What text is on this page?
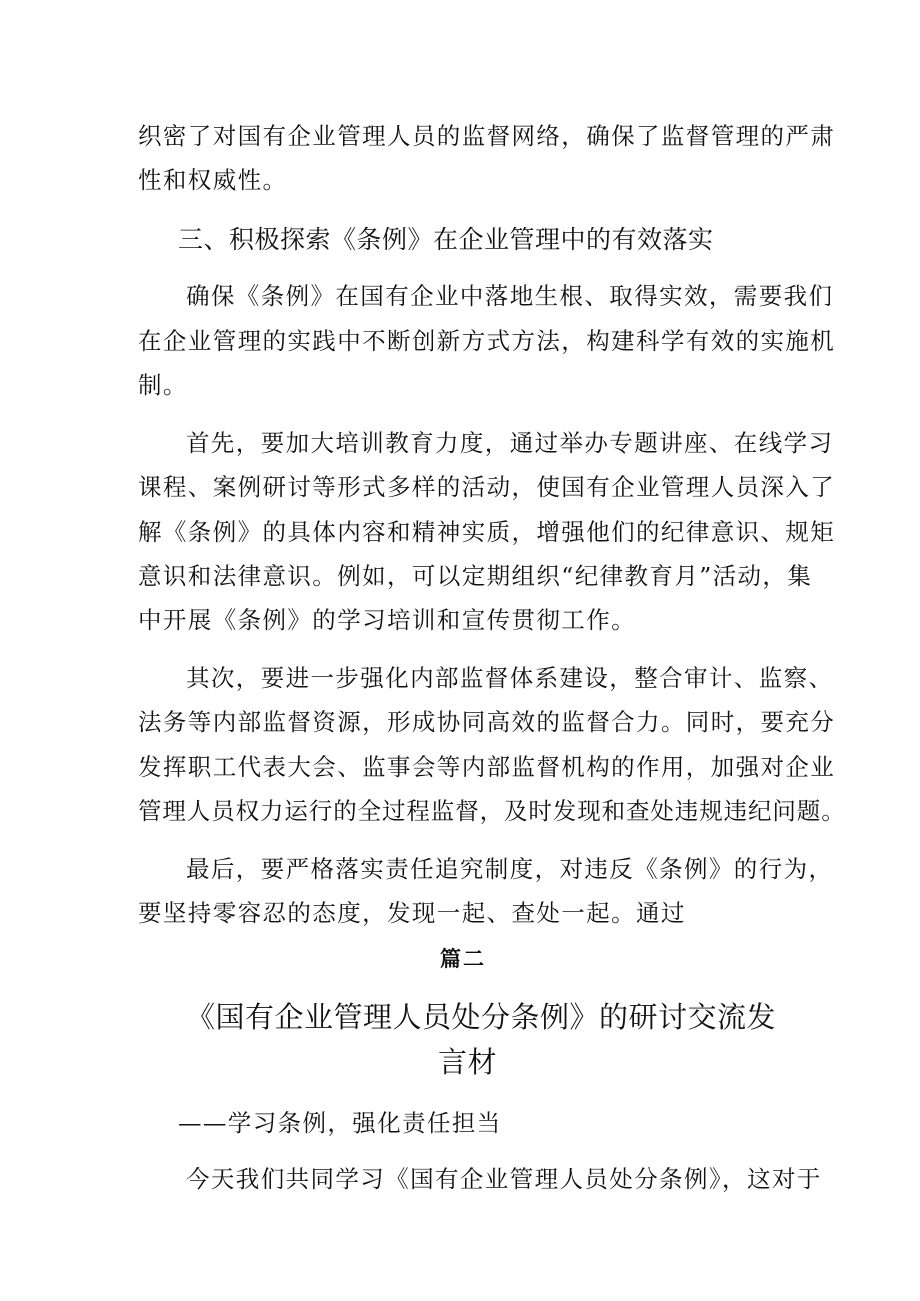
织密了对国有企业管理人员的监督网络，确保了监督管理的严肃
性和权威性。
三、积极探索《条例》在企业管理中的有效落实
确保《条例》在国有企业中落地生根、取得实效，需要我们
在企业管理的实践中不断创新方式方法，构建科学有效的实施机
制。
首先，要加大培训教育力度，通过举办专题讲座、在线学习
课程、案例研讨等形式多样的活动，使国有企业管理人员深入了
解《条例》的具体内容和精神实质，增强他们的纪律意识、规矩
意识和法律意识。例如，可以定期组织“纪律教育月”活动，集
中开展《条例》的学习培训和宣传贯彻工作。
其次，要进一步强化内部监督体系建设，整合审计、监察、
法务等内部监督资源，形成协同高效的监督合力。同时，要充分
发挥职工代表大会、监事会等内部监督机构的作用，加强对企业
管理人员权力运行的全过程监督，及时发现和查处违规违纪问题。
最后，要严格落实责任追究制度，对违反《条例》的行为，
要坚持零容忍的态度，发现一起、查处一起。通过
篇二
《国有企业管理人员处分条例》的研讨交流发
言材
——学习条例，强化责任担当
今天我们共同学习《国有企业管理人员处分条例》，这对于
